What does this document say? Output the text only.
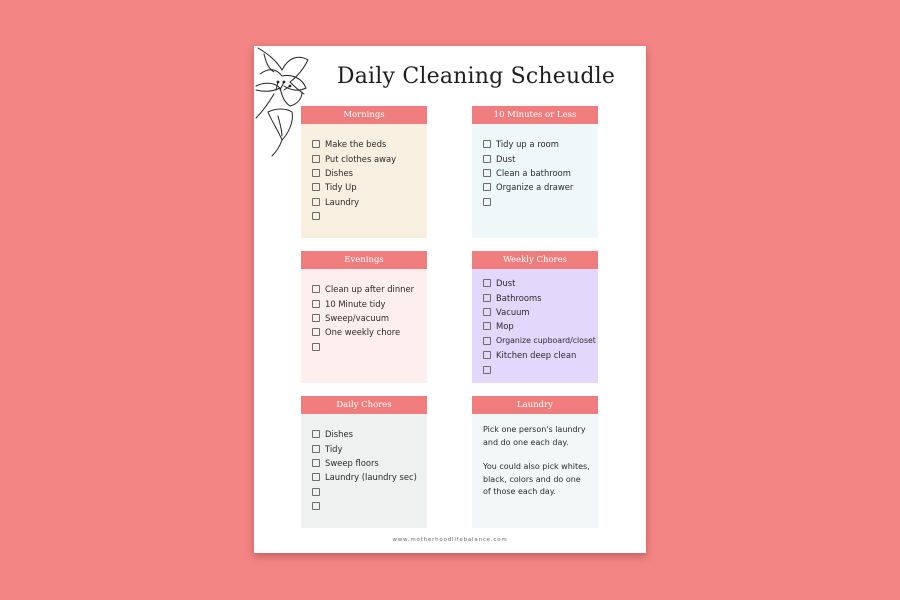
Daily Cleaning Scheudle
Mornings
Make the beds
Put clothes away
Dishes
Tidy Up
Laundry
10 Minutes or Less
Tidy up a room
Dust
Clean a bathroom
Organize a drawer
Evenings
Clean up after dinner
10 Minute tidy
Sweep/vacuum
One weekly chore
Weekly Chores
Dust
Bathrooms
Vacuum
Mop
Organize cupboard/closet
Kitchen deep clean
Daily Chores
Dishes
Tidy
Sweep floors
Laundry (laundry sec)
Laundry

Pick one person's laundry and do one each day.

You could also pick whites, black, colors and do one of those each day.

www.motherhoodlifebalance.com
